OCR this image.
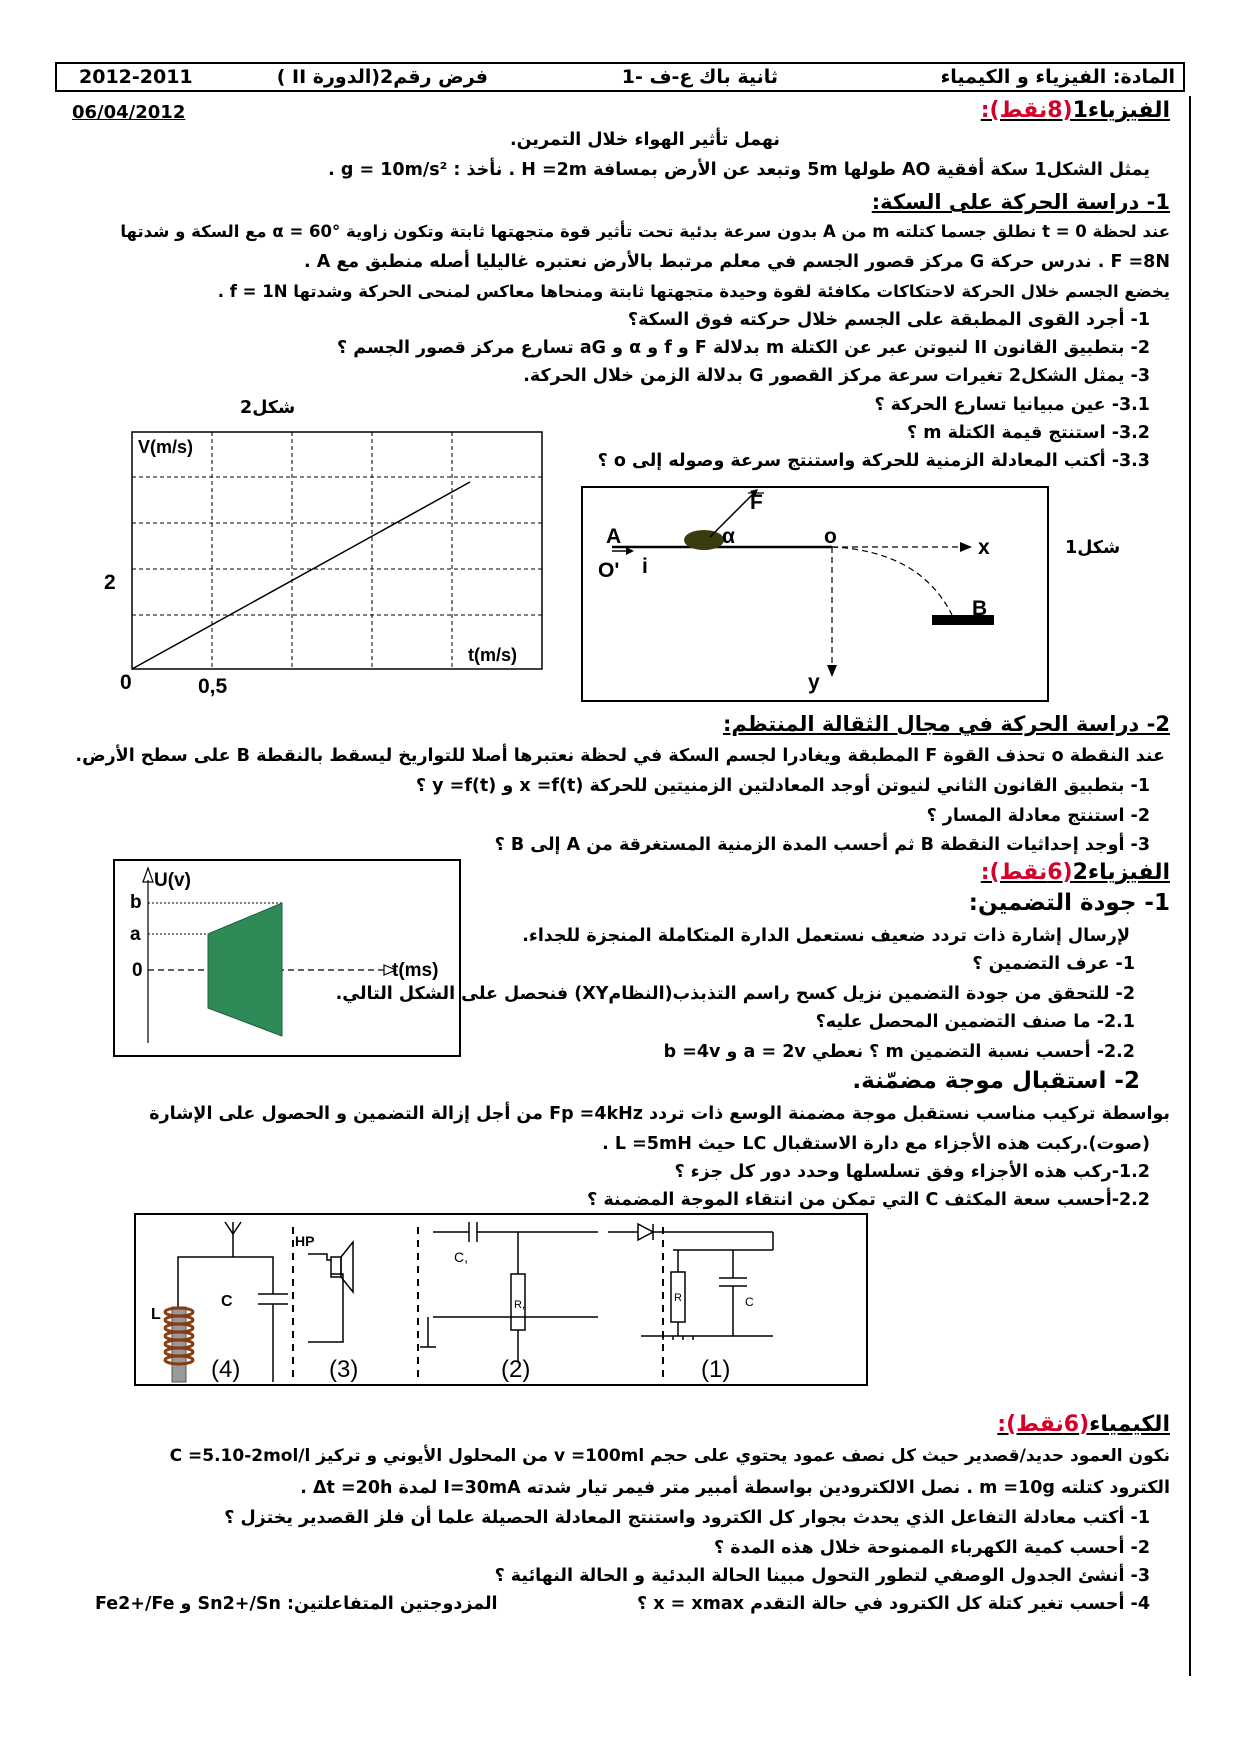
المادة: الفيزياء و الكيمياء
ثانية باك ع-ف -1
فرض رقم2(الدورة II )
2012-2011
06/04/2012	الفيزياء1(8نقط):
نهمل تأثير الهواء خلال التمرين.
يمثل الشكل1 سكة أفقية AO طولها 5m وتبعد عن الأرض بمسافة H =2m . نأخذ : g = 10m/s² .
1- دراسة الحركة على السكة:
عند لحظة t = 0 نطلق جسما كتلته m من A بدون سرعة بدئية تحت تأثير قوة متجهتها ثابتة وتكون زاوية α = 60° مع السكة و شدتها
F =8N . ندرس حركة G مركز قصور الجسم في معلم مرتبط بالأرض نعتبره غاليليا أصله منطبق مع A .
يخضع الجسم خلال الحركة لاحتكاكات مكافئة لقوة وحيدة متجهتها ثابتة ومنحاها معاكس لمنحى الحركة وشدتها f = 1N .
1- أجرد القوى المطبقة على الجسم خلال حركته فوق السكة؟
2- بتطبيق القانون II لنيوتن عبر عن الكتلة m بدلالة F و f و α و aG تسارع مركز قصور الجسم ؟
3- يمثل الشكل2 تغيرات سرعة مركز القصور G بدلالة الزمن خلال الحركة.
3.1- عين مبيانيا تسارع الحركة ؟
3.2- استنتج قيمة الكتلة m ؟
3.3- أكتب المعادلة الزمنية للحركة واستنتج سرعة وصوله إلى o ؟
شكل2
شكل1
V(m/s)
t(m/s)
2
0	0,5
A
F
α	o	x
O' i
B
y
2- دراسة الحركة في مجال الثقالة المنتظم:
عند النقطة o تحذف القوة F المطبقة ويغادرا لجسم السكة في لحظة نعتبرها أصلا للتواريخ ليسقط بالنقطة B على سطح الأرض.
1- بتطبيق القانون الثاني لنيوتن أوجد المعادلتين الزمنيتين للحركة x =f(t) و y =f(t) ؟
2- استنتج معادلة المسار ؟
3- أوجد إحداثيات النقطة B ثم أحسب المدة الزمنية المستغرقة من A إلى B ؟
الفيزياء2(6نقط):
1- جودة التضمين:
لإرسال إشارة ذات تردد ضعيف نستعمل الدارة المتكاملة المنجزة للجداء.
1- عرف التضمين ؟
2- للتحقق من جودة التضمين نزيل كسح راسم التذبذب(النظامXY) فنحصل على الشكل التالي.
2.1- ما صنف التضمين المحصل عليه؟
2.2- أحسب نسبة التضمين m ؟ نعطي a = 2v و b =4v
2- استقبال موجة مضمّنة.
بواسطة تركيب مناسب نستقبل موجة مضمنة الوسع ذات تردد Fp =4kHz من أجل إزالة التضمين و الحصول على الإشارة
(صوت).ركبت هذه الأجزاء مع دارة الاستقبال LC حيث L =5mH .
1.2-ركب هذه الأجزاء وفق تسلسلها وحدد دور كل جزء ؟
2.2-أحسب سعة المكثف C التي تمكن من انتقاء الموجة المضمنة ؟
U(v)
t(ms)
b
a
0
L
C
(4)
HP
(3)
C,
R,
(2)
R	C
(1)
الكيمياء(6نقط):
نكون العمود حديد/قصدير حيث كل نصف عمود يحتوي على حجم v =100ml من المحلول الأيوني و تركيز C =5.10-2mol/l
الكترود كتلته m =10g . نصل الالكترودين بواسطة أمبير متر فيمر تيار شدته I=30mA لمدة Δt =20h .
1- أكتب معادلة التفاعل الذي يحدث بجوار كل الكترود واستنتج المعادلة الحصيلة علما أن فلز القصدير يختزل ؟
2- أحسب كمية الكهرباء الممنوحة خلال هذه المدة ؟
3- أنشئ الجدول الوصفي لتطور التحول مبينا الحالة البدئية و الحالة النهائية ؟
4- أحسب تغير كتلة كل الكترود في حالة التقدم x = xmax ؟
المزدوجتين المتفاعلتين: Sn2+/Sn و Fe2+/Fe
